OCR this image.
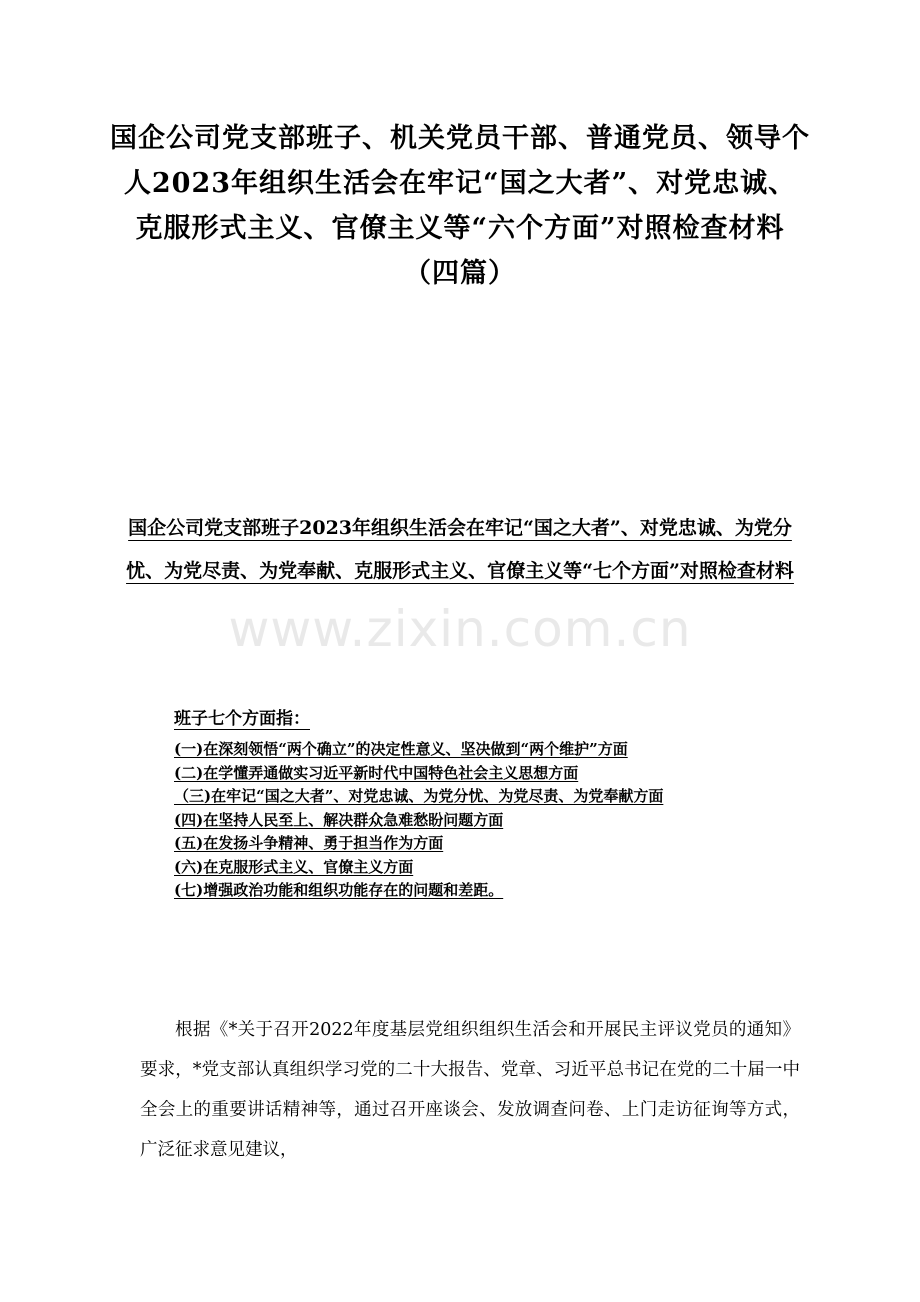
www.zixin.com.cn
国企公司党支部班子、机关党员干部、普通党员、领导个人2023年组织生活会在牢记“国之大者”、对党忠诚、克服形式主义、官僚主义等“六个方面”对照检查材料（四篇）
国企公司党支部班子2023年组织生活会在牢记“国之大者”、对党忠诚、为党分忧、为党尽责、为党奉献、克服形式主义、官僚主义等“七个方面”对照检查材料
班子七个方面指：
(一)在深刻领悟“两个确立”的决定性意义、坚决做到“两个维护”方面
(二)在学懂弄通做实习近平新时代中国特色社会主义思想方面
（三)在牢记“国之大者”、对党忠诚、为党分忧、为党尽责、为党奉献方面
(四)在坚持人民至上、解决群众急难愁盼问题方面
(五)在发扬斗争精神、勇于担当作为方面
(六)在克服形式主义、官僚主义方面
(七)增强政治功能和组织功能存在的问题和差距。

根据《*关于召开2022年度基层党组织组织生活会和开展民主评议党员的通知》要求，*党支部认真组织学习党的二十大报告、党章、习近平总书记在党的二十届一中全会上的重要讲话精神等，通过召开座谈会、发放调查问卷、上门走访征询等方式，广泛征求意见建议，
